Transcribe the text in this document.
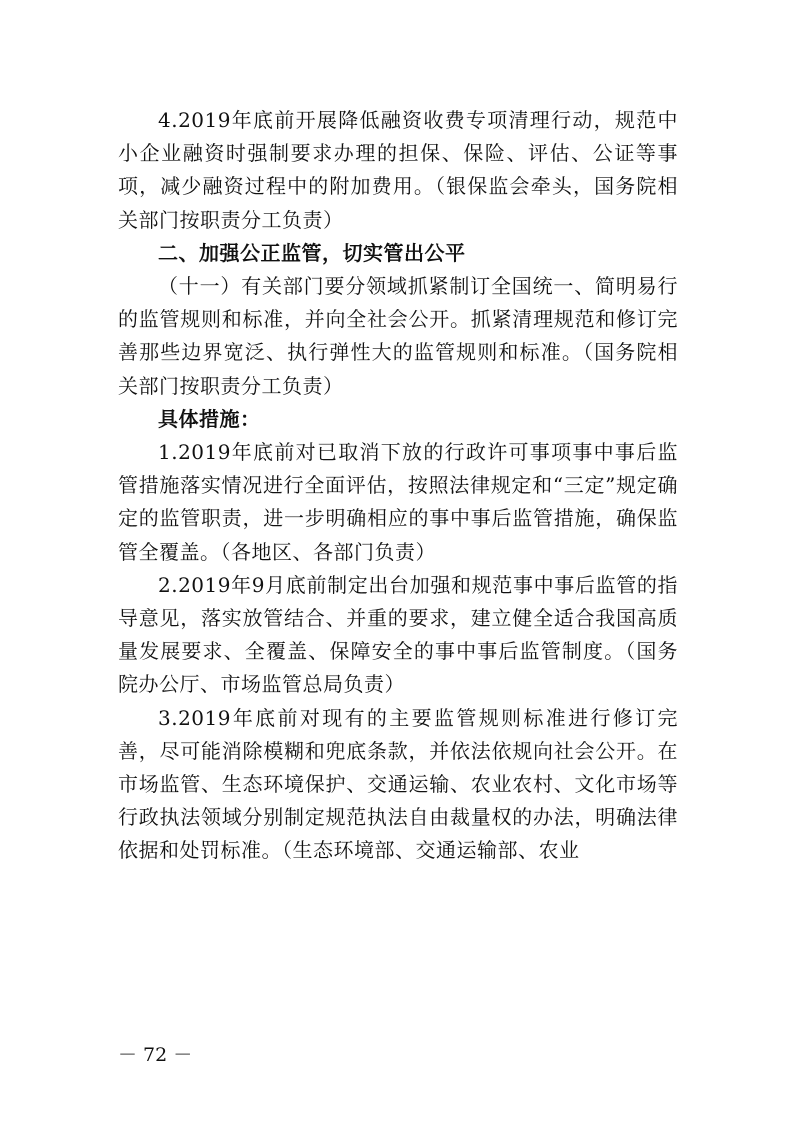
4.2019年底前开展降低融资收费专项清理行动，规范中小企业融资时强制要求办理的担保、保险、评估、公证等事项，减少融资过程中的附加费用。（银保监会牵头，国务院相关部门按职责分工负责）

二、加强公正监管，切实管出公平

（十一）有关部门要分领域抓紧制订全国统一、简明易行的监管规则和标准，并向全社会公开。抓紧清理规范和修订完善那些边界宽泛、执行弹性大的监管规则和标准。（国务院相关部门按职责分工负责）

具体措施：

1.2019年底前对已取消下放的行政许可事项事中事后监管措施落实情况进行全面评估，按照法律规定和“三定”规定确定的监管职责，进一步明确相应的事中事后监管措施，确保监管全覆盖。（各地区、各部门负责）

2.2019年9月底前制定出台加强和规范事中事后监管的指导意见，落实放管结合、并重的要求，建立健全适合我国高质量发展要求、全覆盖、保障安全的事中事后监管制度。（国务院办公厅、市场监管总局负责）

3.2019年底前对现有的主要监管规则标准进行修订完善，尽可能消除模糊和兜底条款，并依法依规向社会公开。在市场监管、生态环境保护、交通运输、农业农村、文化市场等行政执法领域分别制定规范执法自由裁量权的办法，明确法律依据和处罚标准。（生态环境部、交通运输部、农业

－ 72 －
